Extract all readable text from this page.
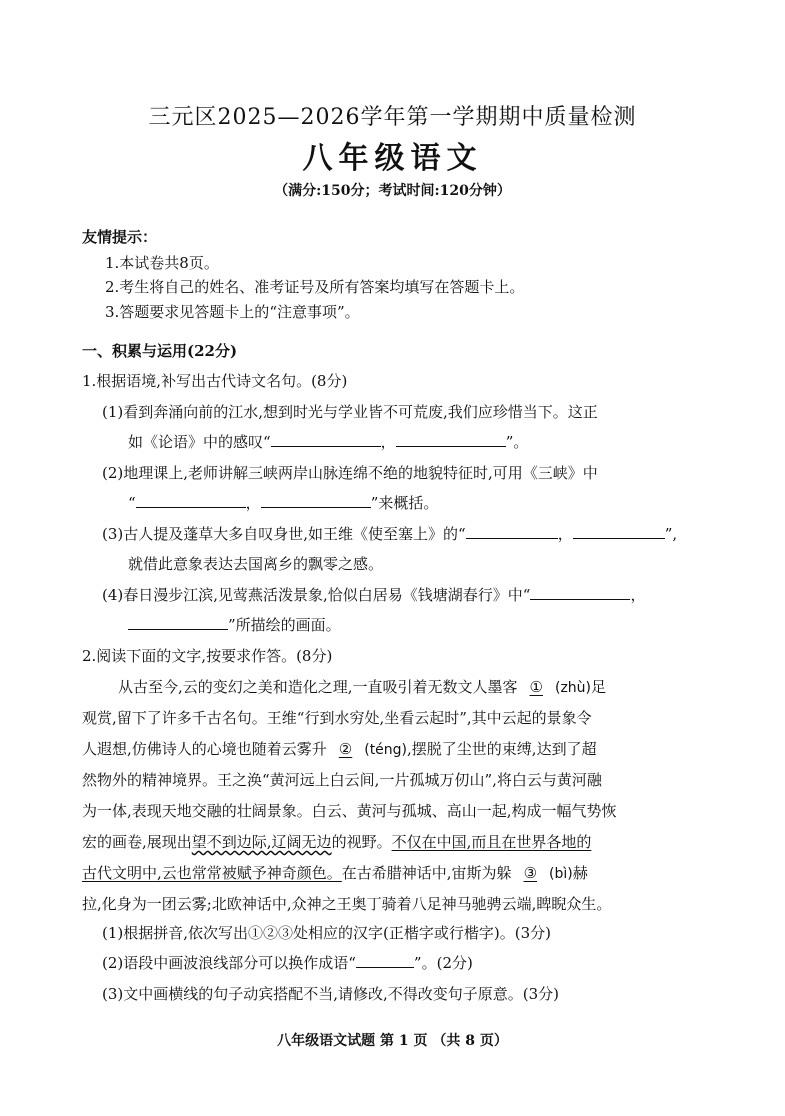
三元区2025—2026学年第一学期期中质量检测
八年级语文
（满分:150分；考试时间:120分钟）
友情提示：
1.本试卷共8页。
2.考生将自己的姓名、准考证号及所有答案均填写在答题卡上。
3.答题要求见答题卡上的“注意事项”。
一、积累与运用(22分)
1.根据语境,补写出古代诗文名句。(8分)
(1)看到奔涌向前的江水,想到时光与学业皆不可荒废,我们应珍惜当下。这正
如《论语》中的感叹“	，	”。
(2)地理课上,老师讲解三峡两岸山脉连绵不绝的地貌特征时,可用《三峡》中
“	，	”来概括。
(3)古人提及蓬草大多自叹身世,如王维《使至塞上》的“	，	”,
就借此意象表达去国离乡的飘零之感。
(4)春日漫步江滨,见莺燕活泼景象,恰似白居易《钱塘湖春行》中“	，
”所描绘的画面。
2.阅读下面的文字,按要求作答。(8分)
从古至今,云的变幻之美和造化之理,一直吸引着无数文人墨客 ① (zhù)足
观赏,留下了许多千古名句。王维“行到水穷处,坐看云起时”,其中云起的景象令
人遐想,仿佛诗人的心境也随着云雾升 ② (téng),摆脱了尘世的束缚,达到了超
然物外的精神境界。王之涣“黄河远上白云间,一片孤城万仞山”,将白云与黄河融
为一体,表现天地交融的壮阔景象。白云、黄河与孤城、高山一起,构成一幅气势恢
宏的画卷,展现出望不到边际,辽阔无边的视野。不仅在中国,而且在世界各地的
古代文明中,云也常常被赋予神奇颜色。在古希腊神话中,宙斯为躲 ③ (bì)赫
拉,化身为一团云雾;北欧神话中,众神之王奥丁骑着八足神马驰骋云端,睥睨众生。
(1)根据拼音,依次写出①②③处相应的汉字(正楷字或行楷字)。(3分)
(2)语段中画波浪线部分可以换作成语“	”。(2分)
(3)文中画横线的句子动宾搭配不当,请修改,不得改变句子原意。(3分)
八年级语文试题 第 1 页 （共 8 页）
